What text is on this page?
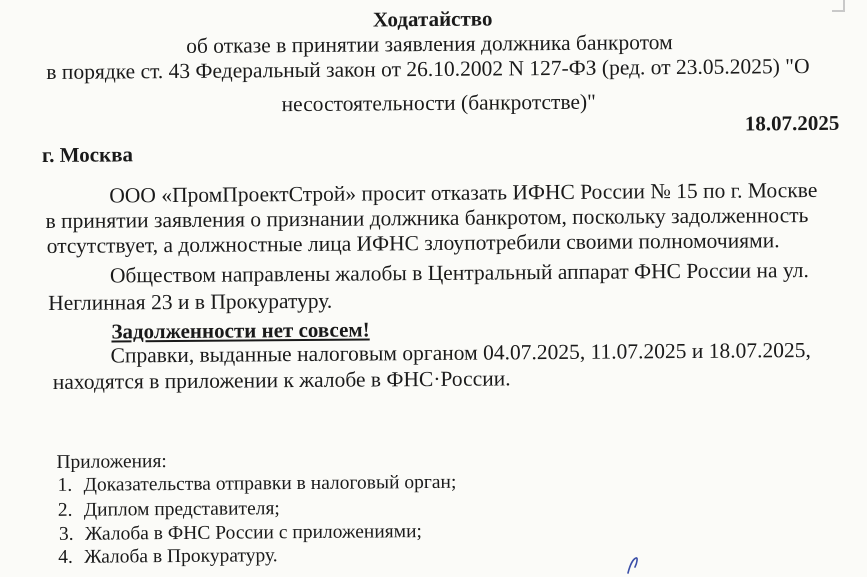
Ходатайство
об отказе в принятии заявления должника банкротом
в порядке ст. 43 Федеральный закон от 26.10.2002 N 127-ФЗ (ред. от 23.05.2025) "О
несостоятельности (банкротстве)"
18.07.2025
г. Москва
ООО «ПромПроектСтрой» просит отказать ИФНС России № 15 по г. Москве
в принятии заявления о признании должника банкротом, поскольку задолженность
отсутствует, а должностные лица ИФНС злоупотребили своими полномочиями.
Обществом направлены жалобы в Центральный аппарат ФНС России на ул.
Неглинная 23 и в Прокуратуру.
Задолженности нет совсем!
Справки, выданные налоговым органом 04.07.2025, 11.07.2025 и 18.07.2025,
находятся в приложении к жалобе в ФНС·России.
Приложения:
1. Доказательства отправки в налоговый орган;
2. Диплом представителя;
3. Жалоба в ФНС России с приложениями;
4. Жалоба в Прокуратуру.
